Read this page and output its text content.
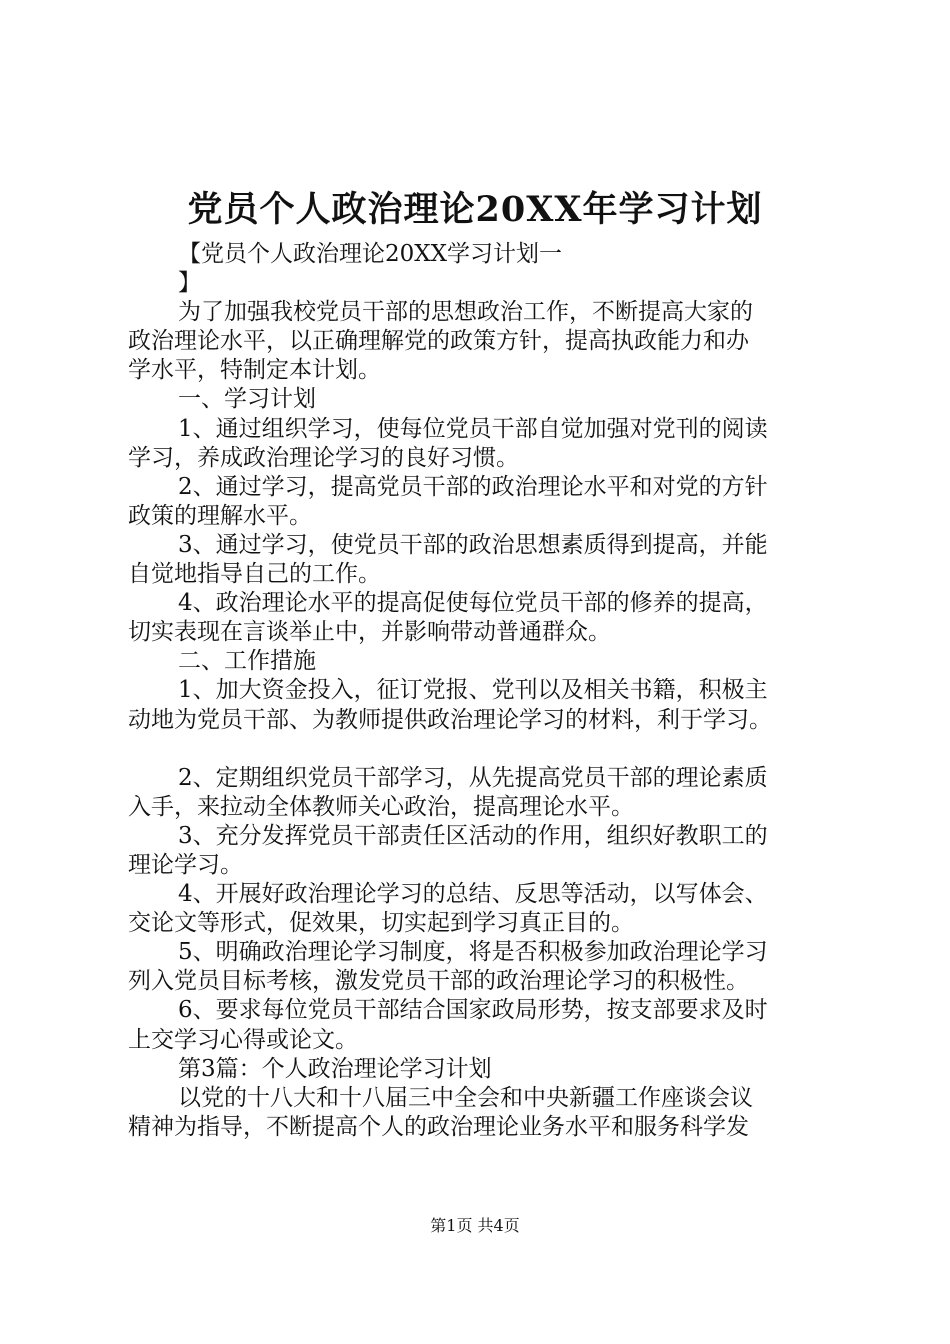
党员个人政治理论20XX年学习计划
【党员个人政治理论20XX学习计划一
】
为了加强我校党员干部的思想政治工作，不断提高大家的
政治理论水平，以正确理解党的政策方针，提高执政能力和办
学水平，特制定本计划。
一、学习计划
1、通过组织学习，使每位党员干部自觉加强对党刊的阅读
学习，养成政治理论学习的良好习惯。
2、通过学习，提高党员干部的政治理论水平和对党的方针
政策的理解水平。
3、通过学习，使党员干部的政治思想素质得到提高，并能
自觉地指导自己的工作。
4、政治理论水平的提高促使每位党员干部的修养的提高，
切实表现在言谈举止中，并影响带动普通群众。
二、工作措施
1、加大资金投入，征订党报、党刊以及相关书籍，积极主
动地为党员干部、为教师提供政治理论学习的材料，利于学习。
2、定期组织党员干部学习，从先提高党员干部的理论素质
入手，来拉动全体教师关心政治，提高理论水平。
3、充分发挥党员干部责任区活动的作用，组织好教职工的
理论学习。
4、开展好政治理论学习的总结、反思等活动，以写体会、
交论文等形式，促效果，切实起到学习真正目的。
5、明确政治理论学习制度，将是否积极参加政治理论学习
列入党员目标考核，激发党员干部的政治理论学习的积极性。
6、要求每位党员干部结合国家政局形势，按支部要求及时
上交学习心得或论文。
第3篇：个人政治理论学习计划
以党的十八大和十八届三中全会和中央新疆工作座谈会议
精神为指导，不断提高个人的政治理论业务水平和服务科学发
第1页 共4页
